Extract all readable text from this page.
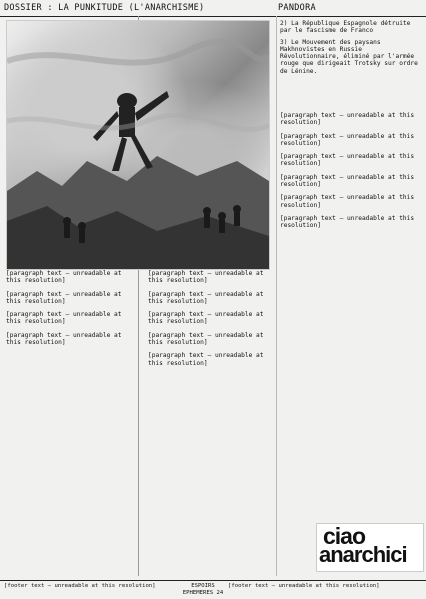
DOSSIER : LA PUNKITUDE (L'ANARCHISME)	PANDORA

[paragraph text – unreadable at this resolution]

[paragraph text – unreadable at this resolution]

[paragraph text – unreadable at this resolution]

[paragraph text – unreadable at this resolution]

[paragraph text – unreadable at this resolution]

[paragraph text – unreadable at this resolution]

[paragraph text – unreadable at this resolution]

[paragraph text – unreadable at this resolution]

[paragraph text – unreadable at this resolution]

2) La République Espagnole détruite par le fascisme de Franco

3) Le Mouvement des paysans Makhnovistes en Russie Révolutionnaire, éliminé par l'armée rouge que dirigeait Trotsky sur ordre de Lénine.

[paragraph text – unreadable at this resolution]

[paragraph text – unreadable at this resolution]

[paragraph text – unreadable at this resolution]

[paragraph text – unreadable at this resolution]

[paragraph text – unreadable at this resolution]

[paragraph text – unreadable at this resolution]

ciao
anarchici
[footer text – unreadable at this resolution]	ESPOIRS EPHEMERES 24
[footer text – unreadable at this resolution]
